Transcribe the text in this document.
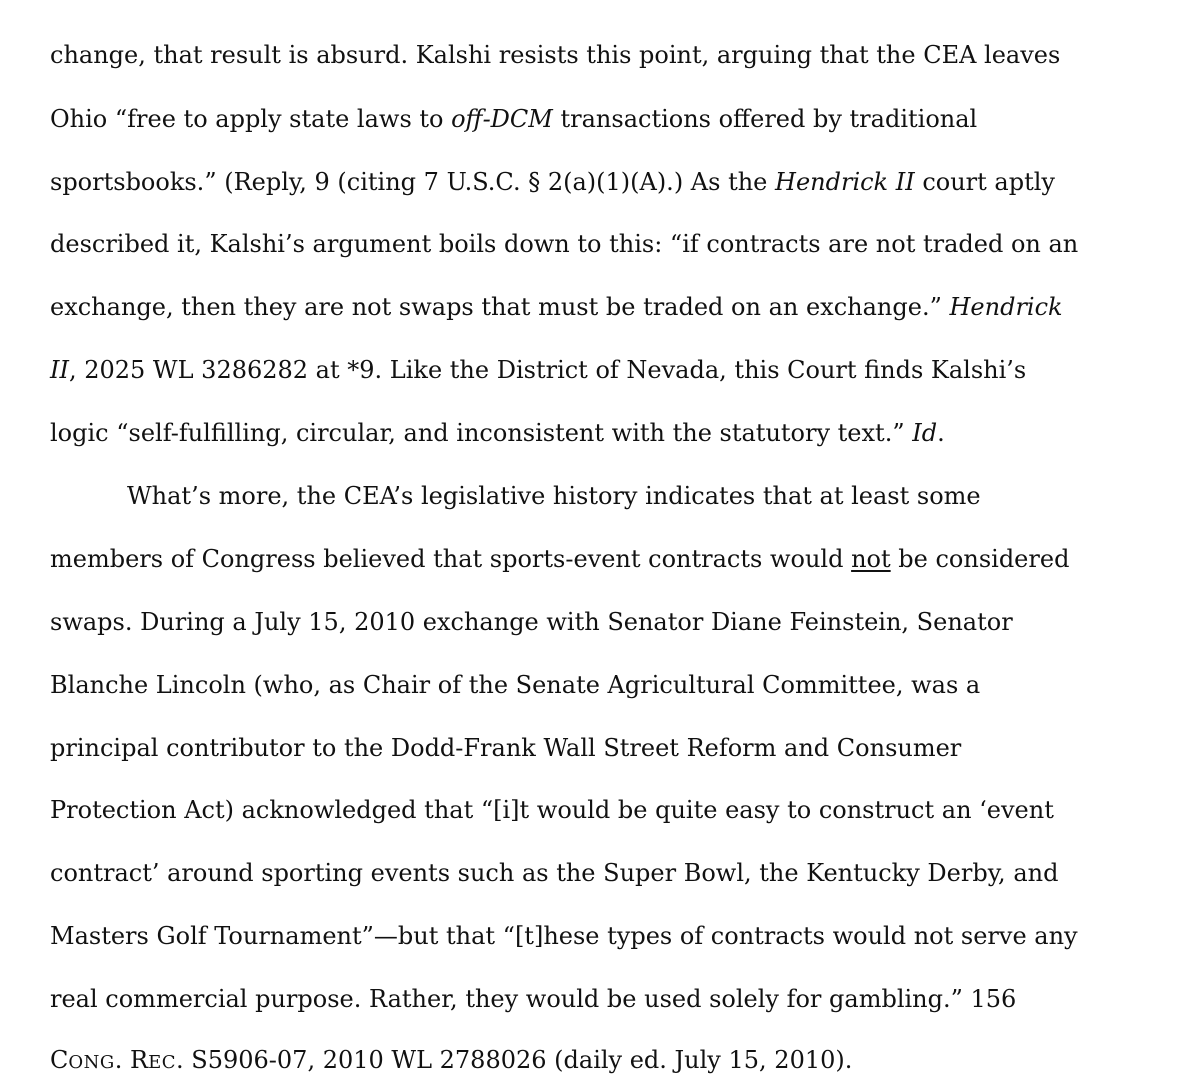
change, that result is absurd. Kalshi resists this point, arguing that the CEA leaves
Ohio “free to apply state laws to off-DCM transactions offered by traditional
sportsbooks.” (Reply, 9 (citing 7 U.S.C. § 2(a)(1)(A).) As the Hendrick II court aptly
described it, Kalshi’s argument boils down to this: “if contracts are not traded on an
exchange, then they are not swaps that must be traded on an exchange.” Hendrick
II, 2025 WL 3286282 at *9. Like the District of Nevada, this Court finds Kalshi’s
logic “self-fulfilling, circular, and inconsistent with the statutory text.” Id.
What’s more, the CEA’s legislative history indicates that at least some
members of Congress believed that sports-event contracts would not be considered
swaps. During a July 15, 2010 exchange with Senator Diane Feinstein, Senator
Blanche Lincoln (who, as Chair of the Senate Agricultural Committee, was a
principal contributor to the Dodd-Frank Wall Street Reform and Consumer
Protection Act) acknowledged that “[i]t would be quite easy to construct an ‘event
contract’ around sporting events such as the Super Bowl, the Kentucky Derby, and
Masters Golf Tournament”—but that “[t]hese types of contracts would not serve any
real commercial purpose. Rather, they would be used solely for gambling.” 156
CONG. REC. S5906-07, 2010 WL 2788026 (daily ed. July 15, 2010).
